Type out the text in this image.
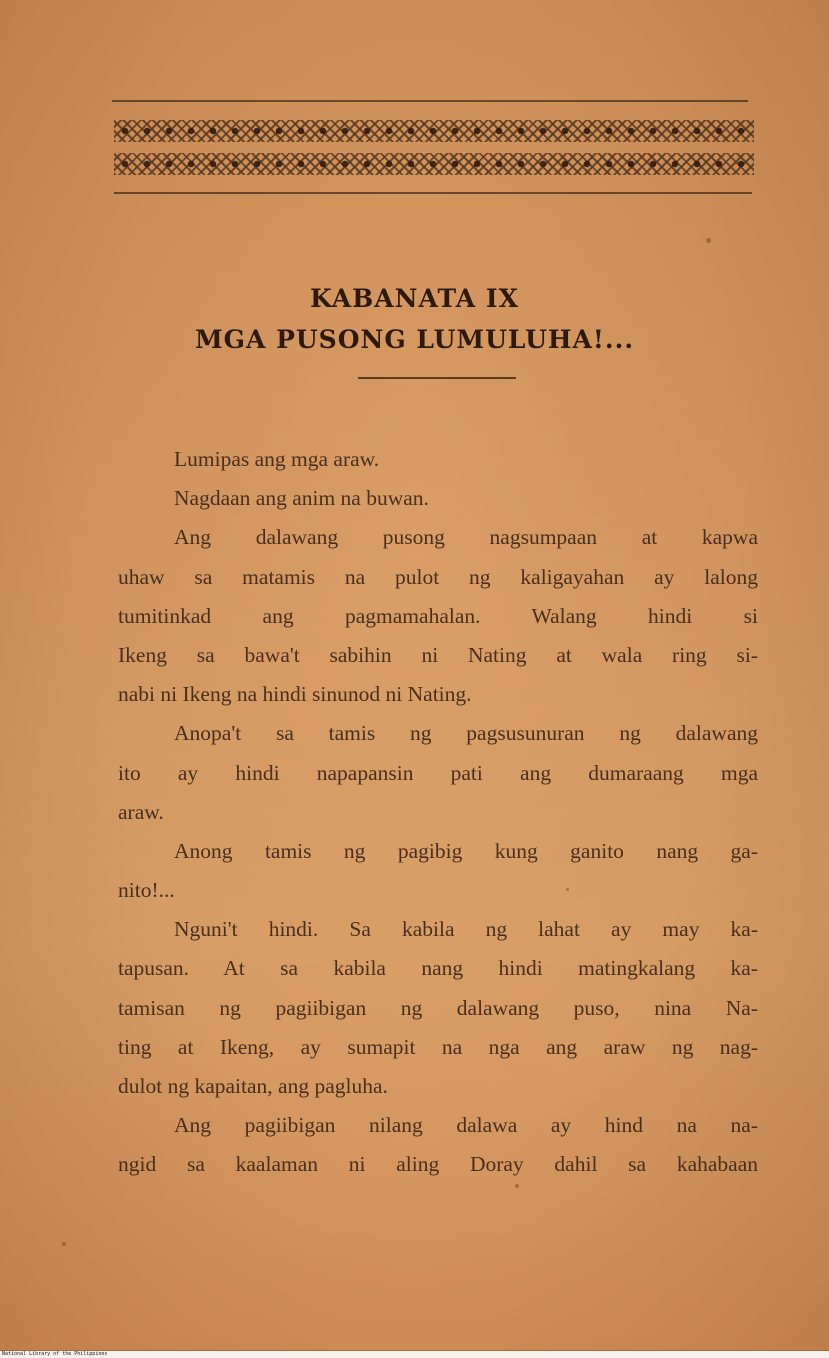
KABANATA IX
MGA PUSONG LUMULUHA!...
Lumipas ang mga araw.
Nagdaan ang anim na buwan.
Ang dalawang pusong nagsumpaan at kapwa
uhaw sa matamis na pulot ng kaligayahan ay lalong
tumitinkad ang pagmamahalan. Walang hindi si
Ikeng sa bawa't sabihin ni Nating at wala ring si-
nabi ni Ikeng na hindi sinunod ni Nating.
Anopa't sa tamis ng pagsusunuran ng dalawang
ito ay hindi napapansin pati ang dumaraang mga
araw.
Anong tamis ng pagibig kung ganito nang ga-
nito!...
Nguni't hindi. Sa kabila ng lahat ay may ka-
tapusan. At sa kabila nang hindi matingkalang ka-
tamisan ng pagiibigan ng dalawang puso, nina Na-
ting at Ikeng, ay sumapit na nga ang araw ng nag-
dulot ng kapaitan, ang pagluha.
Ang pagiibigan nilang dalawa ay hind na na-
ngid sa kaalaman ni aling Doray dahil sa kahabaan
National Library of the Philippines
